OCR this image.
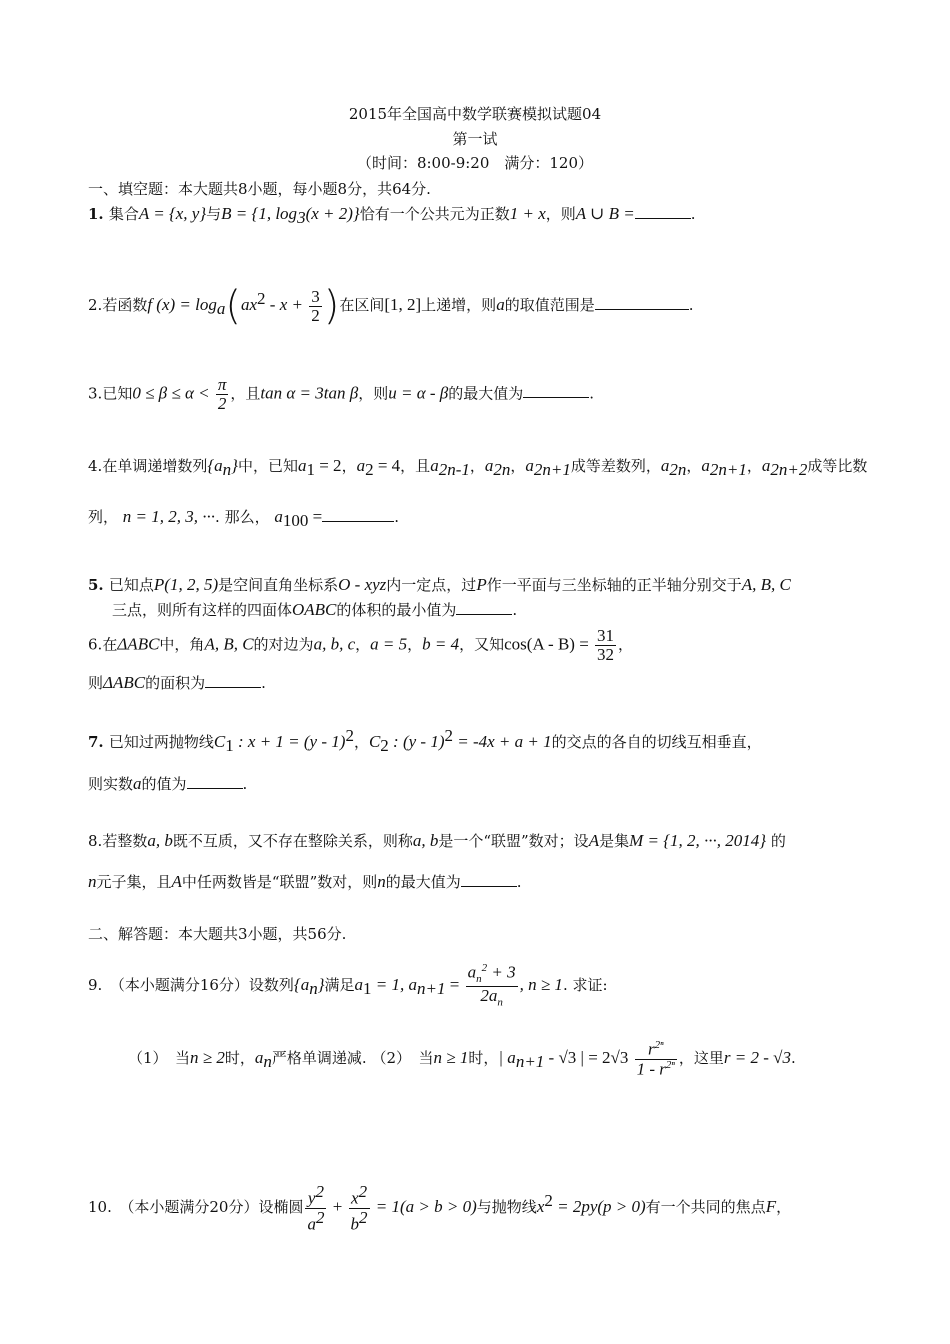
2015年全国高中数学联赛模拟试题04
第一试
（时间：8:00-9:20　满分：120）
一、填空题：本大题共8小题，每小题8分，共64分.
1. 集合A = {x, y}与B = {1, $\log_3(x + 2)$}恰有一个公共元为正数1 + x，则A ∪ B =	.
2.若函数f $(x) = \log_a(ax^2 - x + \frac{3}{2}$ )在区间[1, 2]上递增，则a的取值范围是	.
3.已知$0 \le \beta \le \alpha < \frac{\pi}{2}$ ，且tan α = 3tan β，则u = α - β的最大值为	.
4.在单调递增数列$\{a_n\}$中，已知$a_1 = 2$，$a_2 = 4$，且$a_{2n-1}$，$a_{2n}$，$a_{2n+1}$成等差数列，$a_{2n}$，$a_{2n+1}$，$a_{2n+2}$成等比数
列， n = 1, 2, 3, ···. 那么， $a_{100}$ =	.
5. 已知点P(1, 2, 5)是空间直角坐标系O - xyz内一定点，过P作一平面与三坐标轴的正半轴分别交于A, B, C
三点，则所有这样的四面体OABC的体积的最小值为	.
6.在ΔABC中，角A, B, C的对边为a, b, c，a = 5，b = 4，又知$\cos(A - B) = \frac{31}{32}$ ，
则ΔABC的面积为	.
7. 已知过两抛物线$C_1$ : x + 1 = (y - 1)$^2$，$C_2$ : (y - 1)$^2$ = -4x + a + 1的交点的各自的切线互相垂直，
则实数a的值为	.
8.若整数a, b既不互质，又不存在整除关系，则称a, b是一个“联盟”数对；设A是集M = {1, 2, ···, 2014} 的
n元子集，且A中任两数皆是“联盟”数对，则n的最大值为	.
二、解答题：本大题共3小题，共56分.
9.　（本小题满分16分）设数列$\{a_n\}$满足$a_1 = 1$, $a_{n+1} = \frac{a_n^2 + 3}{2a_n}$ , n ≥ 1. 求证:
（1）　当n ≥ 2时，$a_n$严格单调递减. （2）　当n ≥ 1时，| $a_{n+1} - √3$ | = $2√3 \frac{r^{2^n}}{1 - r^{2^n}}$ ，这里r = 2 - √3.
10.　（本小题满分20分）设椭圆 $\frac{y^2}{a^2} + \frac{x^2}{b^2} = 1(a > b > 0)$与抛物线$x^2 = 2py(p > 0)$有一个共同的焦点F，
